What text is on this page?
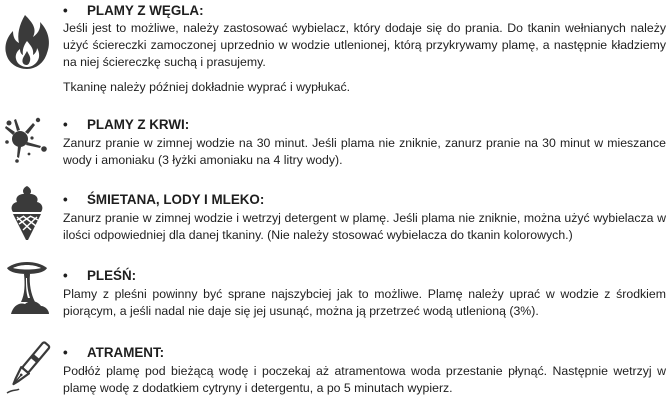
• PLAMY Z WĘGLA:
Jeśli jest to możliwe, należy zastosować wybielacz, który dodaje się do prania. Do tkanin wełnianych należy użyć ściereczki zamoczonej uprzednio w wodzie utlenionej, którą przykrywamy plamę, a następnie kładziemy na niej ściereczkę suchą i prasujemy.
Tkaninę należy później dokładnie wyprać i wypłukać.
• PLAMY Z KRWI:
Zanurz pranie w zimnej wodzie na 30 minut. Jeśli plama nie zniknie, zanurz pranie na 30 minut w mieszance wody i amoniaku (3 łyżki amoniaku na 4 litry wody).
• ŚMIETANA, LODY I MLEKO:
Zanurz pranie w zimnej wodzie i wetrzyj detergent w plamę. Jeśli plama nie zniknie, można użyć wybielacza w ilości odpowiedniej dla danej tkaniny. (Nie należy stosować wybielacza do tkanin kolorowych.)
• PLEŚŃ:
Plamy z pleśni powinny być sprane najszybciej jak to możliwe. Plamę należy uprać w wodzie z środkiem piorącym, a jeśli nadal nie daje się jej usunąć, można ją przetrzeć wodą utlenioną (3%).
• ATRAMENT:
Podłóż plamę pod bieżącą wodę i poczekaj aż atramentowa woda przestanie płynąć. Następnie wetrzyj w plamę wodę z dodatkiem cytryny i detergentu, a po 5 minutach wypierz.
